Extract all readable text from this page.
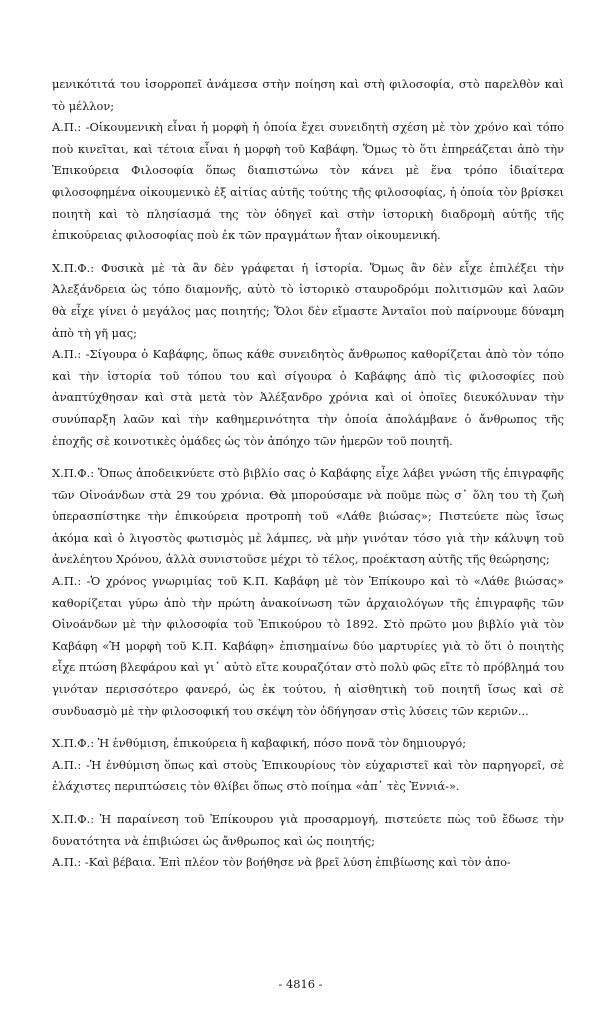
μενικότιτά του ἰσορροπεῖ ἀνάμεσα στὴν ποίηση καὶ στὴ φιλοσοφία, στὸ παρελθὸν καὶ τὸ μέλλον;

Α.Π.: -Οἰκουμενικὴ εἶναι ἡ μορφὴ ἡ ὁποία ἔχει συνειδητὴ σχέση μὲ τὸν χρόνο καὶ τόπο ποὺ κινεῖται, καὶ τέτοια εἶναι ἡ μορφὴ τοῦ Καβάφη. Ὅμως τὸ ὅτι ἐπηρεάζεται ἀπὸ τὴν Ἐπικούρεια Φιλοσοφία ὅπως διαπιστώνω τὸν κάνει μὲ ἕνα τρόπο ἰδιαίτερα φιλοσοφημένα οἰκουμενικὸ ἐξ αἰτίας αὐτῆς τούτης τῆς φιλοσοφίας, ἡ ὁποία τὸν βρίσκει ποιητὴ καὶ τὸ πλησίασμά της τὸν ὁδηγεῖ καὶ στὴν ἱστορικὴ διαδρομὴ αὐτῆς τῆς ἐπικούρειας φιλοσοφίας ποὺ ἐκ τῶν πραγμάτων ἦταν οἰκουμενική.

Χ.Π.Φ.: Φυσικὰ μὲ τὰ ἂν δὲν γράφεται ἡ ἱστορία. Ὅμως ἂν δὲν εἶχε ἐπιλέξει τὴν Ἀλεξάνδρεια ὡς τόπο διαμονῆς, αὐτὸ τὸ ἱστορικὸ σταυροδρόμι πολιτισμῶν καὶ λαῶν θὰ εἶχε γίνει ὁ μεγάλος μας ποιητής; Ὅλοι δὲν εἴμαστε Ἀνταῖοι ποὺ παίρνουμε δύναμη ἀπὸ τὴ γῆ μας;

Α.Π.: -Σίγουρα ὁ Καβάφης, ὅπως κάθε συνειδητὸς ἄνθρωπος καθορίζεται ἀπὸ τὸν τόπο καὶ τὴν ἱστορία τοῦ τόπου του καὶ σίγουρα ὁ Καβάφης ἀπὸ τὶς φιλοσοφίες ποὺ ἀναπτύχθησαν καὶ στὰ μετὰ τὸν Ἀλέξανδρο χρόνια καὶ οἱ ὁποῖες διευκόλυναν τὴν συνύπαρξη λαῶν καὶ τὴν καθημερινότητα τὴν ὁποία ἀπολάμβανε ὁ ἄνθρωπος τῆς ἐποχῆς σὲ κοινοτικὲς ὁμάδες ὡς τὸν ἀπόηχο τῶν ἡμερῶν τοῦ ποιητῆ.

Χ.Π.Φ.: Ὅπως ἀποδεικνύετε στὸ βιβλίο σας ὁ Καβάφης εἶχε λάβει γνώση τῆς ἐπιγραφῆς τῶν Οἰνοάνδων στὰ 29 του χρόνια. Θὰ μπορούσαμε νὰ ποῦμε πὼς σ᾽ ὅλη του τὴ ζωὴ ὑπερασπίστηκε τὴν ἐπικούρεια προτροπὴ τοῦ «Λάθε βιώσας»; Πιστεύετε πὼς ἴσως ἀκόμα καὶ ὁ λιγοστὸς φωτισμὸς μὲ λάμπες, νὰ μὴν γινόταν τόσο γιὰ τὴν κάλυψη τοῦ ἀνελέητου Χρόνου, ἀλλὰ συνιστοῦσε μέχρι τὸ τέλος, προέκταση αὐτῆς τῆς θεώρησης;

Α.Π.: -Ὁ χρόνος γνωριμίας τοῦ Κ.Π. Καβάφη μὲ τὸν Ἐπίκουρο καὶ τὸ «Λάθε βιώσας» καθορίζεται γύρω ἀπὸ τὴν πρώτη ἀνακοίνωση τῶν ἀρχαιολόγων τῆς ἐπιγραφῆς τῶν Οἰνοάνδων μὲ τὴν φιλοσοφία τοῦ Ἐπικούρου τὸ 1892. Στὸ πρῶτο μου βιβλίο γιὰ τὸν Καβάφη «Ἡ μορφὴ τοῦ Κ.Π. Καβάφη» ἐπισημαίνω δύο μαρτυρίες γιὰ τὸ ὅτι ὁ ποιητὴς εἶχε πτώση βλεφάρου καὶ γι᾽ αὐτὸ εἴτε κουραζόταν στὸ πολὺ φῶς εἴτε τὸ πρόβλημά του γινόταν περισσότερο φανερό, ὡς ἐκ τούτου, ἡ αἰσθητικὴ τοῦ ποιητῆ ἴσως καὶ σὲ συνδυασμὸ μὲ τὴν φιλοσοφική του σκέψη τὸν ὁδήγησαν στὶς λύσεις τῶν κεριῶν...

Χ.Π.Φ.: Ἡ ἐνθύμιση, ἐπικούρεια ἢ καβαφική, πόσο πονᾶ τὸν δημιουργό;

Α.Π.: -Ἡ ἐνθύμιση ὅπως καὶ στοὺς Ἐπικουρίους τὸν εὐχαριστεῖ καὶ τὸν παρηγορεῖ, σὲ ἐλάχιστες περιπτώσεις τὸν θλίβει ὅπως στὸ ποίημα «ἀπ᾽ τὲς Ἐννιά-».

Χ.Π.Φ.: Ἡ παραίνεση τοῦ Ἐπίκουρου γιὰ προσαρμογή, πιστεύετε πὼς τοῦ ἔδωσε τὴν δυνατότητα νὰ ἐπιβιώσει ὡς ἄνθρωπος καὶ ὡς ποιητής;

Α.Π.: -Καὶ βέβαια. Ἐπὶ πλέον τὸν βοήθησε νὰ βρεῖ λύση ἐπιβίωσης καὶ τὸν ἀπο-

- 4816 -
